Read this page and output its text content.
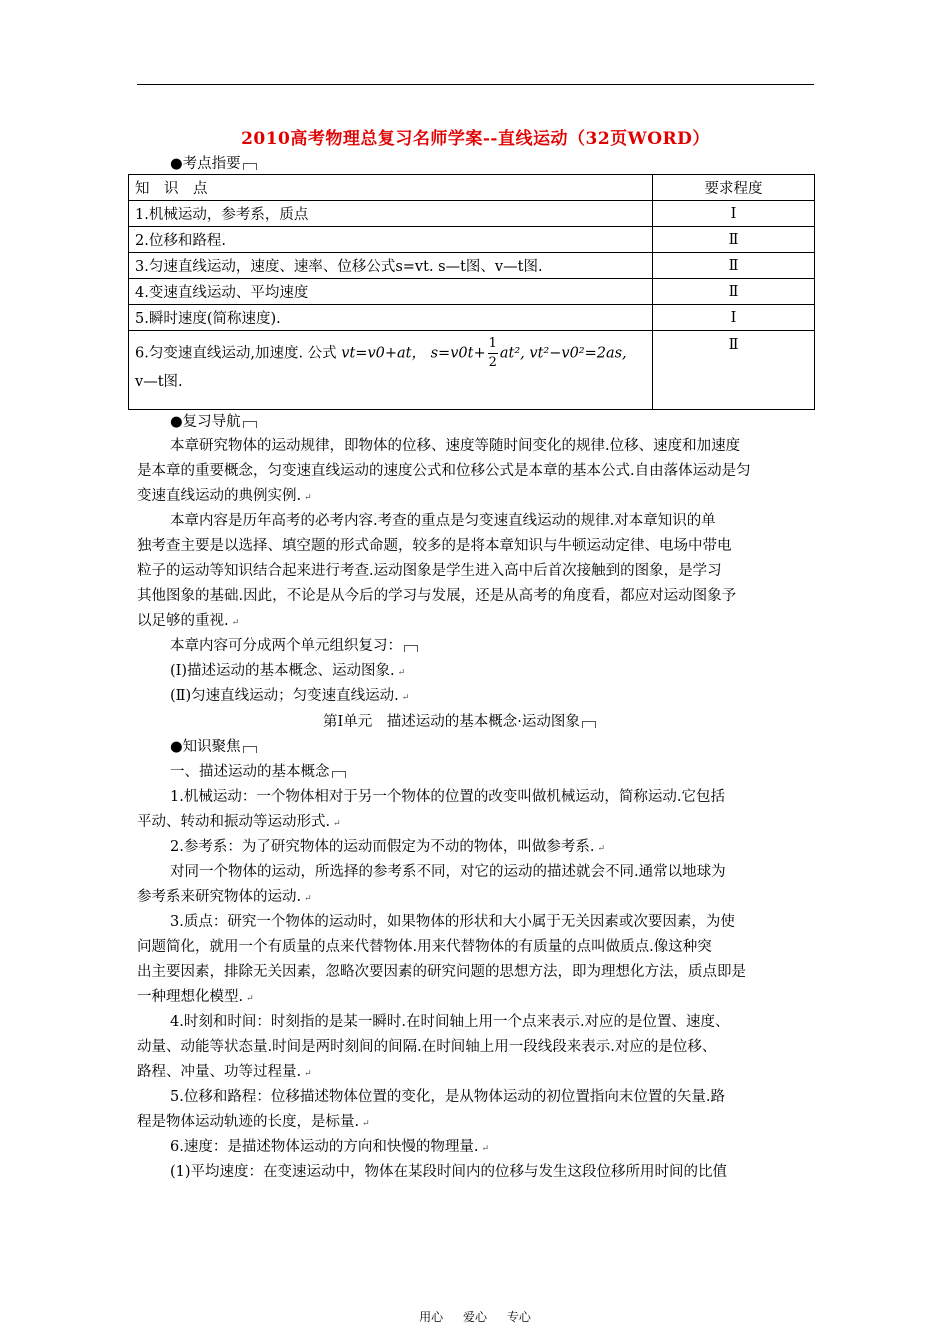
2010高考物理总复习名师学案--直线运动（32页WORD）
●考点指要
知　识　点	要求程度
1.机械运动，参考系，质点	Ⅰ
2.位移和路程.	Ⅱ
3.匀速直线运动，速度、速率、位移公式s=vt. s—t图、v—t图.	Ⅱ
4.变速直线运动、平均速度	Ⅱ
5.瞬时速度(简称速度).	Ⅰ
6.匀变速直线运动,加速度. 公式 vt=v0+at， $s=v0t+ \frac{1}{2} at^2$, vt²−v0²=2as,
v—t图.	Ⅱ
●复习导航
本章研究物体的运动规律，即物体的位移、速度等随时间变化的规律.位移、速度和加速度
是本章的重要概念，匀变速直线运动的速度公式和位移公式是本章的基本公式.自由落体运动是匀
变速直线运动的典例实例. ↵
本章内容是历年高考的必考内容.考查的重点是匀变速直线运动的规律.对本章知识的单
独考查主要是以选择、填空题的形式命题，较多的是将本章知识与牛顿运动定律、电场中带电
粒子的运动等知识结合起来进行考查.运动图象是学生进入高中后首次接触到的图象，是学习
其他图象的基础.因此，不论是从今后的学习与发展，还是从高考的角度看，都应对运动图象予
以足够的重视. ↵
本章内容可分成两个单元组织复习：
(Ⅰ)描述运动的基本概念、运动图象. ↵
(Ⅱ)匀速直线运动；匀变速直线运动. ↵
第Ⅰ单元　描述运动的基本概念·运动图象
●知识聚焦
一、描述运动的基本概念
1.机械运动：一个物体相对于另一个物体的位置的改变叫做机械运动，简称运动.它包括
平动、转动和振动等运动形式. ↵
2.参考系：为了研究物体的运动而假定为不动的物体，叫做参考系. ↵
对同一个物体的运动，所选择的参考系不同，对它的运动的描述就会不同.通常以地球为
参考系来研究物体的运动. ↵
3.质点：研究一个物体的运动时，如果物体的形状和大小属于无关因素或次要因素，为使
问题简化，就用一个有质量的点来代替物体.用来代替物体的有质量的点叫做质点.像这种突
出主要因素，排除无关因素，忽略次要因素的研究问题的思想方法，即为理想化方法，质点即是
一种理想化模型. ↵
4.时刻和时间：时刻指的是某一瞬时.在时间轴上用一个点来表示.对应的是位置、速度、
动量、动能等状态量.时间是两时刻间的间隔.在时间轴上用一段线段来表示.对应的是位移、
路程、冲量、功等过程量. ↵
5.位移和路程：位移描述物体位置的变化，是从物体运动的初位置指向末位置的矢量.路
程是物体运动轨迹的长度，是标量. ↵
6.速度：是描述物体运动的方向和快慢的物理量. ↵
(1)平均速度：在变速运动中，物体在某段时间内的位移与发生这段位移所用时间的比值
用心 爱心 专心
